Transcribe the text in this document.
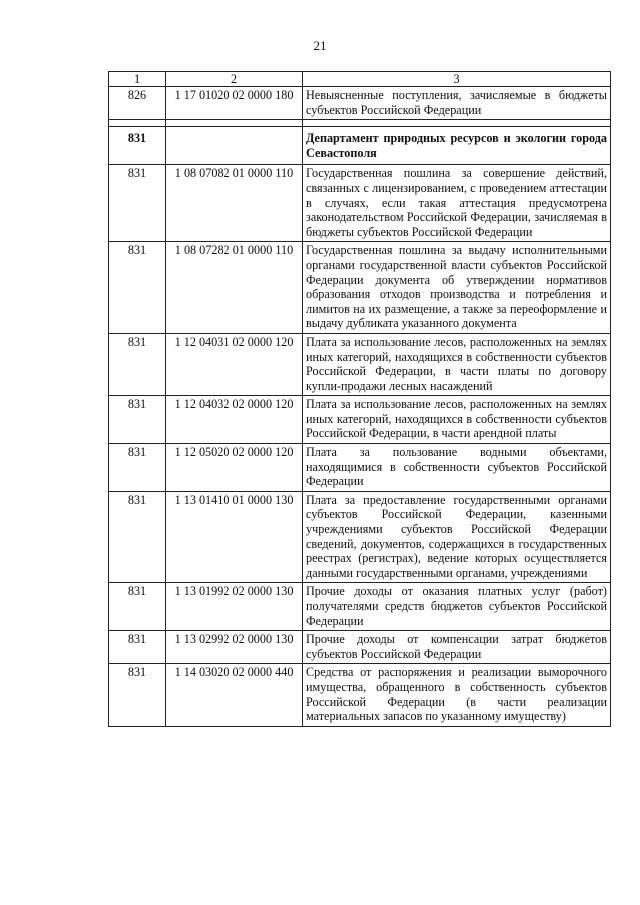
21
1	2	3
826	1 17 01020 02 0000 180	Невыясненные поступления, зачисляемые в бюджеты субъектов Российской Федерации

831		Департамент природных ресурсов и экологии города Севастополя
831	1 08 07082 01 0000 110	Государственная пошлина за совершение действий, связанных с лицензированием, с проведением аттестации в случаях, если такая аттестация предусмотрена законодательством Российской Федерации, зачисляемая в бюджеты субъектов Российской Федерации
831	1 08 07282 01 0000 110	Государственная пошлина за выдачу исполнительными органами государственной власти субъектов Российской Федерации документа об утверждении нормативов образования отходов производства и потребления и лимитов на их размещение, а также за переоформление и выдачу дубликата указанного документа
831	1 12 04031 02 0000 120	Плата за использование лесов, расположенных на землях иных категорий, находящихся в собственности субъектов Российской Федерации, в части платы по договору купли-продажи лесных насаждений
831	1 12 04032 02 0000 120	Плата за использование лесов, расположенных на землях иных категорий, находящихся в собственности субъектов Российской Федерации, в части арендной платы
831	1 12 05020 02 0000 120	Плата за пользование водными объектами, находящимися в собственности субъектов Российской Федерации
831	1 13 01410 01 0000 130	Плата за предоставление государственными органами субъектов Российской Федерации, казенными учреждениями субъектов Российской Федерации сведений, документов, содержащихся в государственных реестрах (регистрах), ведение которых осуществляется данными государственными органами, учреждениями
831	1 13 01992 02 0000 130	Прочие доходы от оказания платных услуг (работ) получателями средств бюджетов субъектов Российской Федерации
831	1 13 02992 02 0000 130	Прочие доходы от компенсации затрат бюджетов субъектов Российской Федерации
831	1 14 03020 02 0000 440	Средства от распоряжения и реализации выморочного имущества, обращенного в собственность субъектов Российской Федерации (в части реализации материальных запасов по указанному имуществу)
